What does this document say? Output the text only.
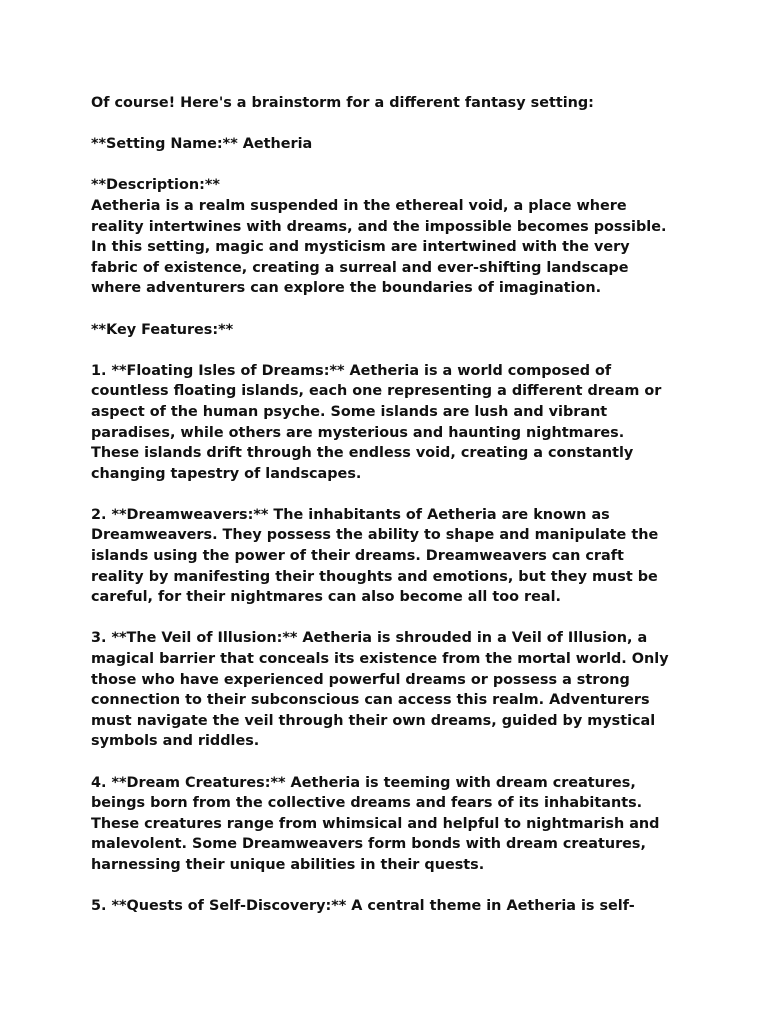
Of course! Here's a brainstorm for a different fantasy setting:

**Setting Name:** Aetheria

**Description:**
Aetheria is a realm suspended in the ethereal void, a place where
reality intertwines with dreams, and the impossible becomes possible.
In this setting, magic and mysticism are intertwined with the very
fabric of existence, creating a surreal and ever-shifting landscape
where adventurers can explore the boundaries of imagination.

**Key Features:**

1. **Floating Isles of Dreams:** Aetheria is a world composed of
countless floating islands, each one representing a different dream or
aspect of the human psyche. Some islands are lush and vibrant
paradises, while others are mysterious and haunting nightmares.
These islands drift through the endless void, creating a constantly
changing tapestry of landscapes.

2. **Dreamweavers:** The inhabitants of Aetheria are known as
Dreamweavers. They possess the ability to shape and manipulate the
islands using the power of their dreams. Dreamweavers can craft
reality by manifesting their thoughts and emotions, but they must be
careful, for their nightmares can also become all too real.

3. **The Veil of Illusion:** Aetheria is shrouded in a Veil of Illusion, a
magical barrier that conceals its existence from the mortal world. Only
those who have experienced powerful dreams or possess a strong
connection to their subconscious can access this realm. Adventurers
must navigate the veil through their own dreams, guided by mystical
symbols and riddles.

4. **Dream Creatures:** Aetheria is teeming with dream creatures,
beings born from the collective dreams and fears of its inhabitants.
These creatures range from whimsical and helpful to nightmarish and
malevolent. Some Dreamweavers form bonds with dream creatures,
harnessing their unique abilities in their quests.

5. **Quests of Self-Discovery:** A central theme in Aetheria is self-
